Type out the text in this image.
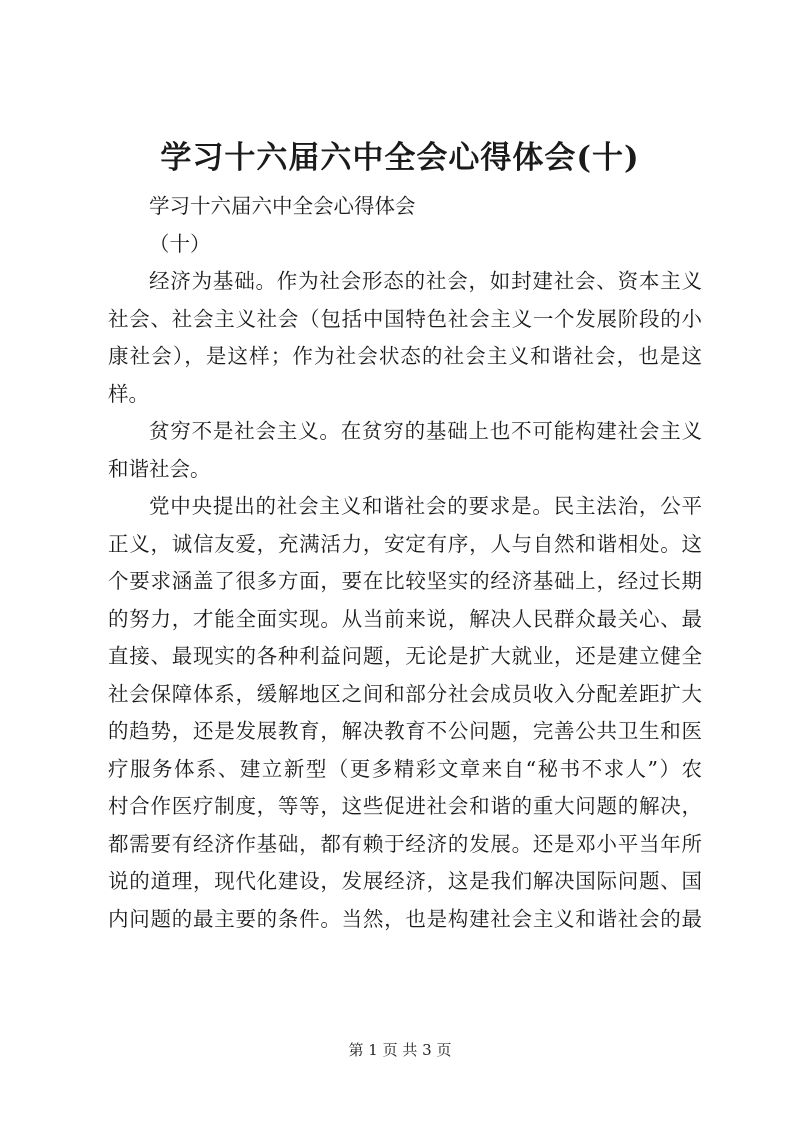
学习十六届六中全会心得体会(十)
学习十六届六中全会心得体会
（十）
经济为基础。作为社会形态的社会，如封建社会、资本主义
社会、社会主义社会（包括中国特色社会主义一个发展阶段的小
康社会），是这样；作为社会状态的社会主义和谐社会，也是这
样。
贫穷不是社会主义。在贫穷的基础上也不可能构建社会主义
和谐社会。
党中央提出的社会主义和谐社会的要求是。民主法治，公平
正义，诚信友爱，充满活力，安定有序，人与自然和谐相处。这
个要求涵盖了很多方面，要在比较坚实的经济基础上，经过长期
的努力，才能全面实现。从当前来说，解决人民群众最关心、最
直接、最现实的各种利益问题，无论是扩大就业，还是建立健全
社会保障体系，缓解地区之间和部分社会成员收入分配差距扩大
的趋势，还是发展教育，解决教育不公问题，完善公共卫生和医
疗服务体系、建立新型（更多精彩文章来自“秘书不求人”）农
村合作医疗制度，等等，这些促进社会和谐的重大问题的解决，
都需要有经济作基础，都有赖于经济的发展。还是邓小平当年所
说的道理，现代化建设，发展经济，这是我们解决国际问题、国
内问题的最主要的条件。当然，也是构建社会主义和谐社会的最
第 1 页 共 3 页
